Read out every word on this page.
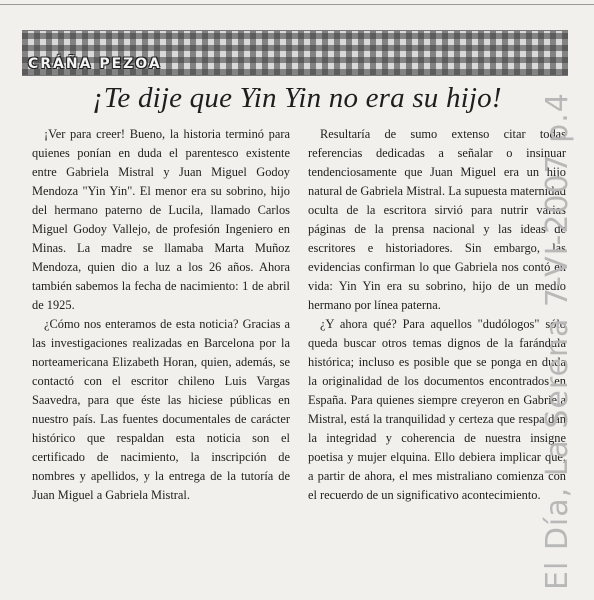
CRÁÑA PEZOA
¡Te dije que Yin Yin no era su hijo!

¡Ver para creer! Bueno, la historia terminó para quienes ponían en duda el parentesco existente entre Gabriela Mistral y Juan Miguel Godoy Mendoza "Yin Yin". El menor era su sobrino, hijo del hermano paterno de Lucila, llamado Carlos Miguel Godoy Vallejo, de profesión Ingeniero en Minas. La madre se llamaba Marta Muñoz Mendoza, quien dio a luz a los 26 años. Ahora también sabemos la fecha de nacimiento: 1 de abril de 1925.

¿Cómo nos enteramos de esta noticia? Gracias a las investigaciones realizadas en Barcelona por la norteamericana Elizabeth Horan, quien, además, se contactó con el escritor chileno Luis Vargas Saavedra, para que éste las hiciese públicas en nuestro país. Las fuentes documentales de carácter histórico que respaldan esta noticia son el certificado de nacimiento, la inscripción de nombres y apellidos, y la entrega de la tutoría de Juan Miguel a Gabriela Mistral.

Resultaría de sumo extenso citar todas referencias dedicadas a señalar o insinuar tendenciosamente que Juan Miguel era un hijo natural de Gabriela Mistral. La supuesta maternidad oculta de la escritora sirvió para nutrir varias páginas de la prensa nacional y las ideas de escritores e historiadores. Sin embargo, las evidencias confirman lo que Gabriela nos contó en vida: Yin Yin era su sobrino, hijo de un medio hermano por línea paterna.

¿Y ahora qué? Para aquellos "dudólogos" sólo queda buscar otros temas dignos de la farándula histórica; incluso es posible que se ponga en duda la originalidad de los documentos encontrados en España. Para quienes siempre creyeron en Gabriela Mistral, está la tranquilidad y certeza que respaldan la integridad y coherencia de nuestra insigne poetisa y mujer elquina. Ello debiera implicar que, a partir de ahora, el mes mistraliano comienza con el recuerdo de un significativo acontecimiento. El Día, La Serena 7-VI-2007 p.4
